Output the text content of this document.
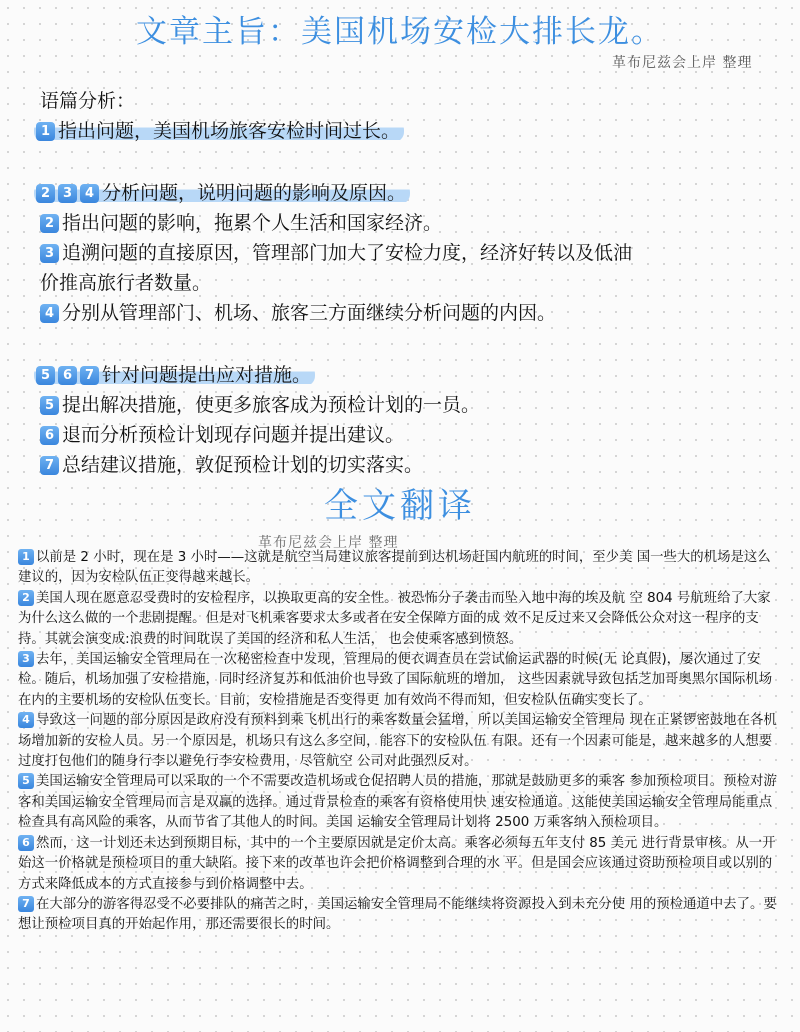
文章主旨：美国机场安检大排长龙。
革布尼兹会上岸 整理
语篇分析：
1 指出问题，美国机场旅客安检时间过长。
2 3 4 分析问题，说明问题的影响及原因。
2 指出问题的影响，拖累个人生活和国家经济。
3 追溯问题的直接原因，管理部门加大了安检力度，经济好转以及低油
价推高旅行者数量。
4 分别从管理部门、机场、旅客三方面继续分析问题的内因。
5 6 7 针对问题提出应对措施。
5 提出解决措施，使更多旅客成为预检计划的一员。
6 退而分析预检计划现存问题并提出建议。
7 总结建议措施，敦促预检计划的切实落实。
全文翻译
革布尼兹会上岸 整理

1 以前是 2 小时，现在是 3 小时——这就是航空当局建议旅客提前到达机场赶国内航班的时间，至少美 国一些大的机场是这么建议的，因为安检队伍正变得越来越长。

2 美国人现在愿意忍受费时的安检程序，以换取更高的安全性。被恐怖分子袭击而坠入地中海的埃及航 空 804 号航班给了大家为什么这么做的一个悲剧提醒。但是对飞机乘客要求太多或者在安全保障方面的成 效不足反过来又会降低公众对这一程序的支持。其就会演变成:浪费的时间耽误了美国的经济和私人生活， 也会使乘客感到愤怒。

3 去年，美国运输安全管理局在一次秘密检查中发现，管理局的便衣调查员在尝试偷运武器的时候(无 论真假)，屡次通过了安检。随后，机场加强了安检措施，同时经济复苏和低油价也导致了国际航班的增加， 这些因素就导致包括芝加哥奥黑尔国际机场在内的主要机场的安检队伍变长。目前，安检措施是否变得更 加有效尚不得而知，但安检队伍确实变长了。

4 导致这一问题的部分原因是政府没有预料到乘飞机出行的乘客数量会猛增，所以美国运输安全管理局 现在正紧锣密鼓地在各机场增加新的安检人员。另一个原因是，机场只有这么多空间，能容下的安检队伍 有限。还有一个因素可能是，越来越多的人想要过度打包他们的随身行李以避免行李安检费用，尽管航空 公司对此强烈反对。

5 美国运输安全管理局可以采取的一个不需要改造机场或仓促招聘人员的措施，那就是鼓励更多的乘客 参加预检项目。预检对游客和美国运输安全管理局而言是双赢的选择。通过背景检查的乘客有资格使用快 速安检通道。这能使美国运输安全管理局能重点检查具有高风险的乘客，从而节省了其他人的时间。美国 运输安全管理局计划将 2500 万乘客纳入预检项目。

6 然而，这一计划还未达到预期目标，其中的一个主要原因就是定价太高。乘客必须每五年支付 85 美元 进行背景审核。从一开始这一价格就是预检项目的重大缺陷。接下来的改革也许会把价格调整到合理的水 平。但是国会应该通过资助预检项目或以别的方式来降低成本的方式直接参与到价格调整中去。

7 在大部分的游客得忍受不必要排队的痛苦之时，美国运输安全管理局不能继续将资源投入到未充分使 用的预检通道中去了。要想让预检项目真的开始起作用，那还需要很长的时间。
